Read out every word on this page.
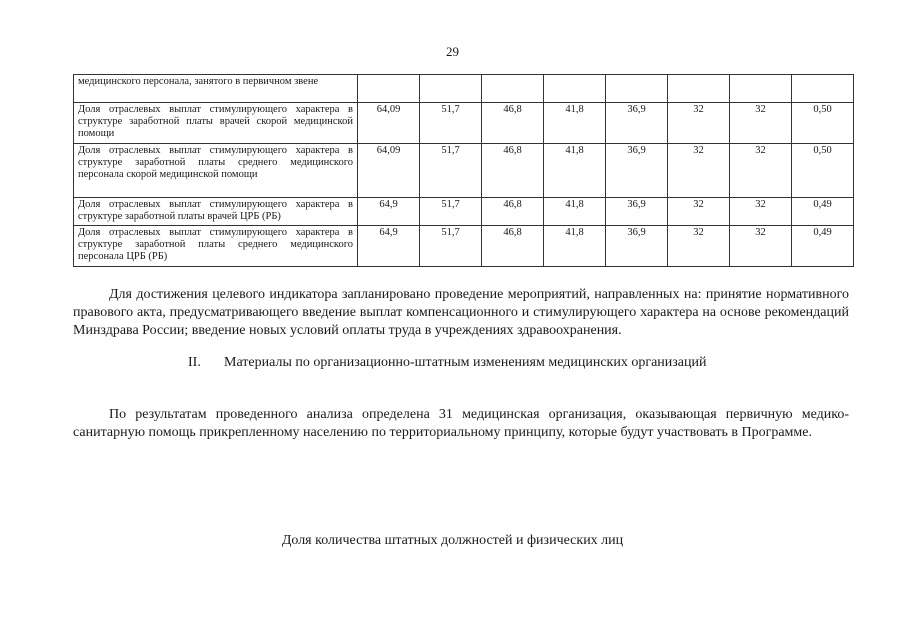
29
медицинского персонала, занятого в первичном звене								
Доля отраслевых выплат стимулирующего характера в структуре заработной платы врачей скорой медицинской помощи	64,09	51,7	46,8	41,8	36,9	32	32	0,50
Доля отраслевых выплат стимулирующего характера в структуре заработной платы среднего медицинского персонала скорой медицинской помощи	64,09	51,7	46,8	41,8	36,9	32	32	0,50
Доля отраслевых выплат стимулирующего характера в структуре заработной платы врачей ЦРБ (РБ)	64,9	51,7	46,8	41,8	36,9	32	32	0,49
Доля отраслевых выплат стимулирующего характера в структуре заработной платы среднего медицинского персонала ЦРБ (РБ)	64,9	51,7	46,8	41,8	36,9	32	32	0,49

Для достижения целевого индикатора запланировано проведение мероприятий, направленных на: принятие нормативного правового акта, предусматривающего введение выплат компенсационного и стимулирующего характера на основе рекомендаций Минздрава России; введение новых условий оплаты труда в учреждениях здравоохранения.

II. Материалы по организационно-штатным изменениям медицинских организаций

По результатам проведенного анализа определена 31 медицинская организация, оказывающая первичную медико-санитарную помощь прикрепленному населению по территориальному принципу, которые будут участвовать в Программе.

Доля количества штатных должностей и физических лиц
